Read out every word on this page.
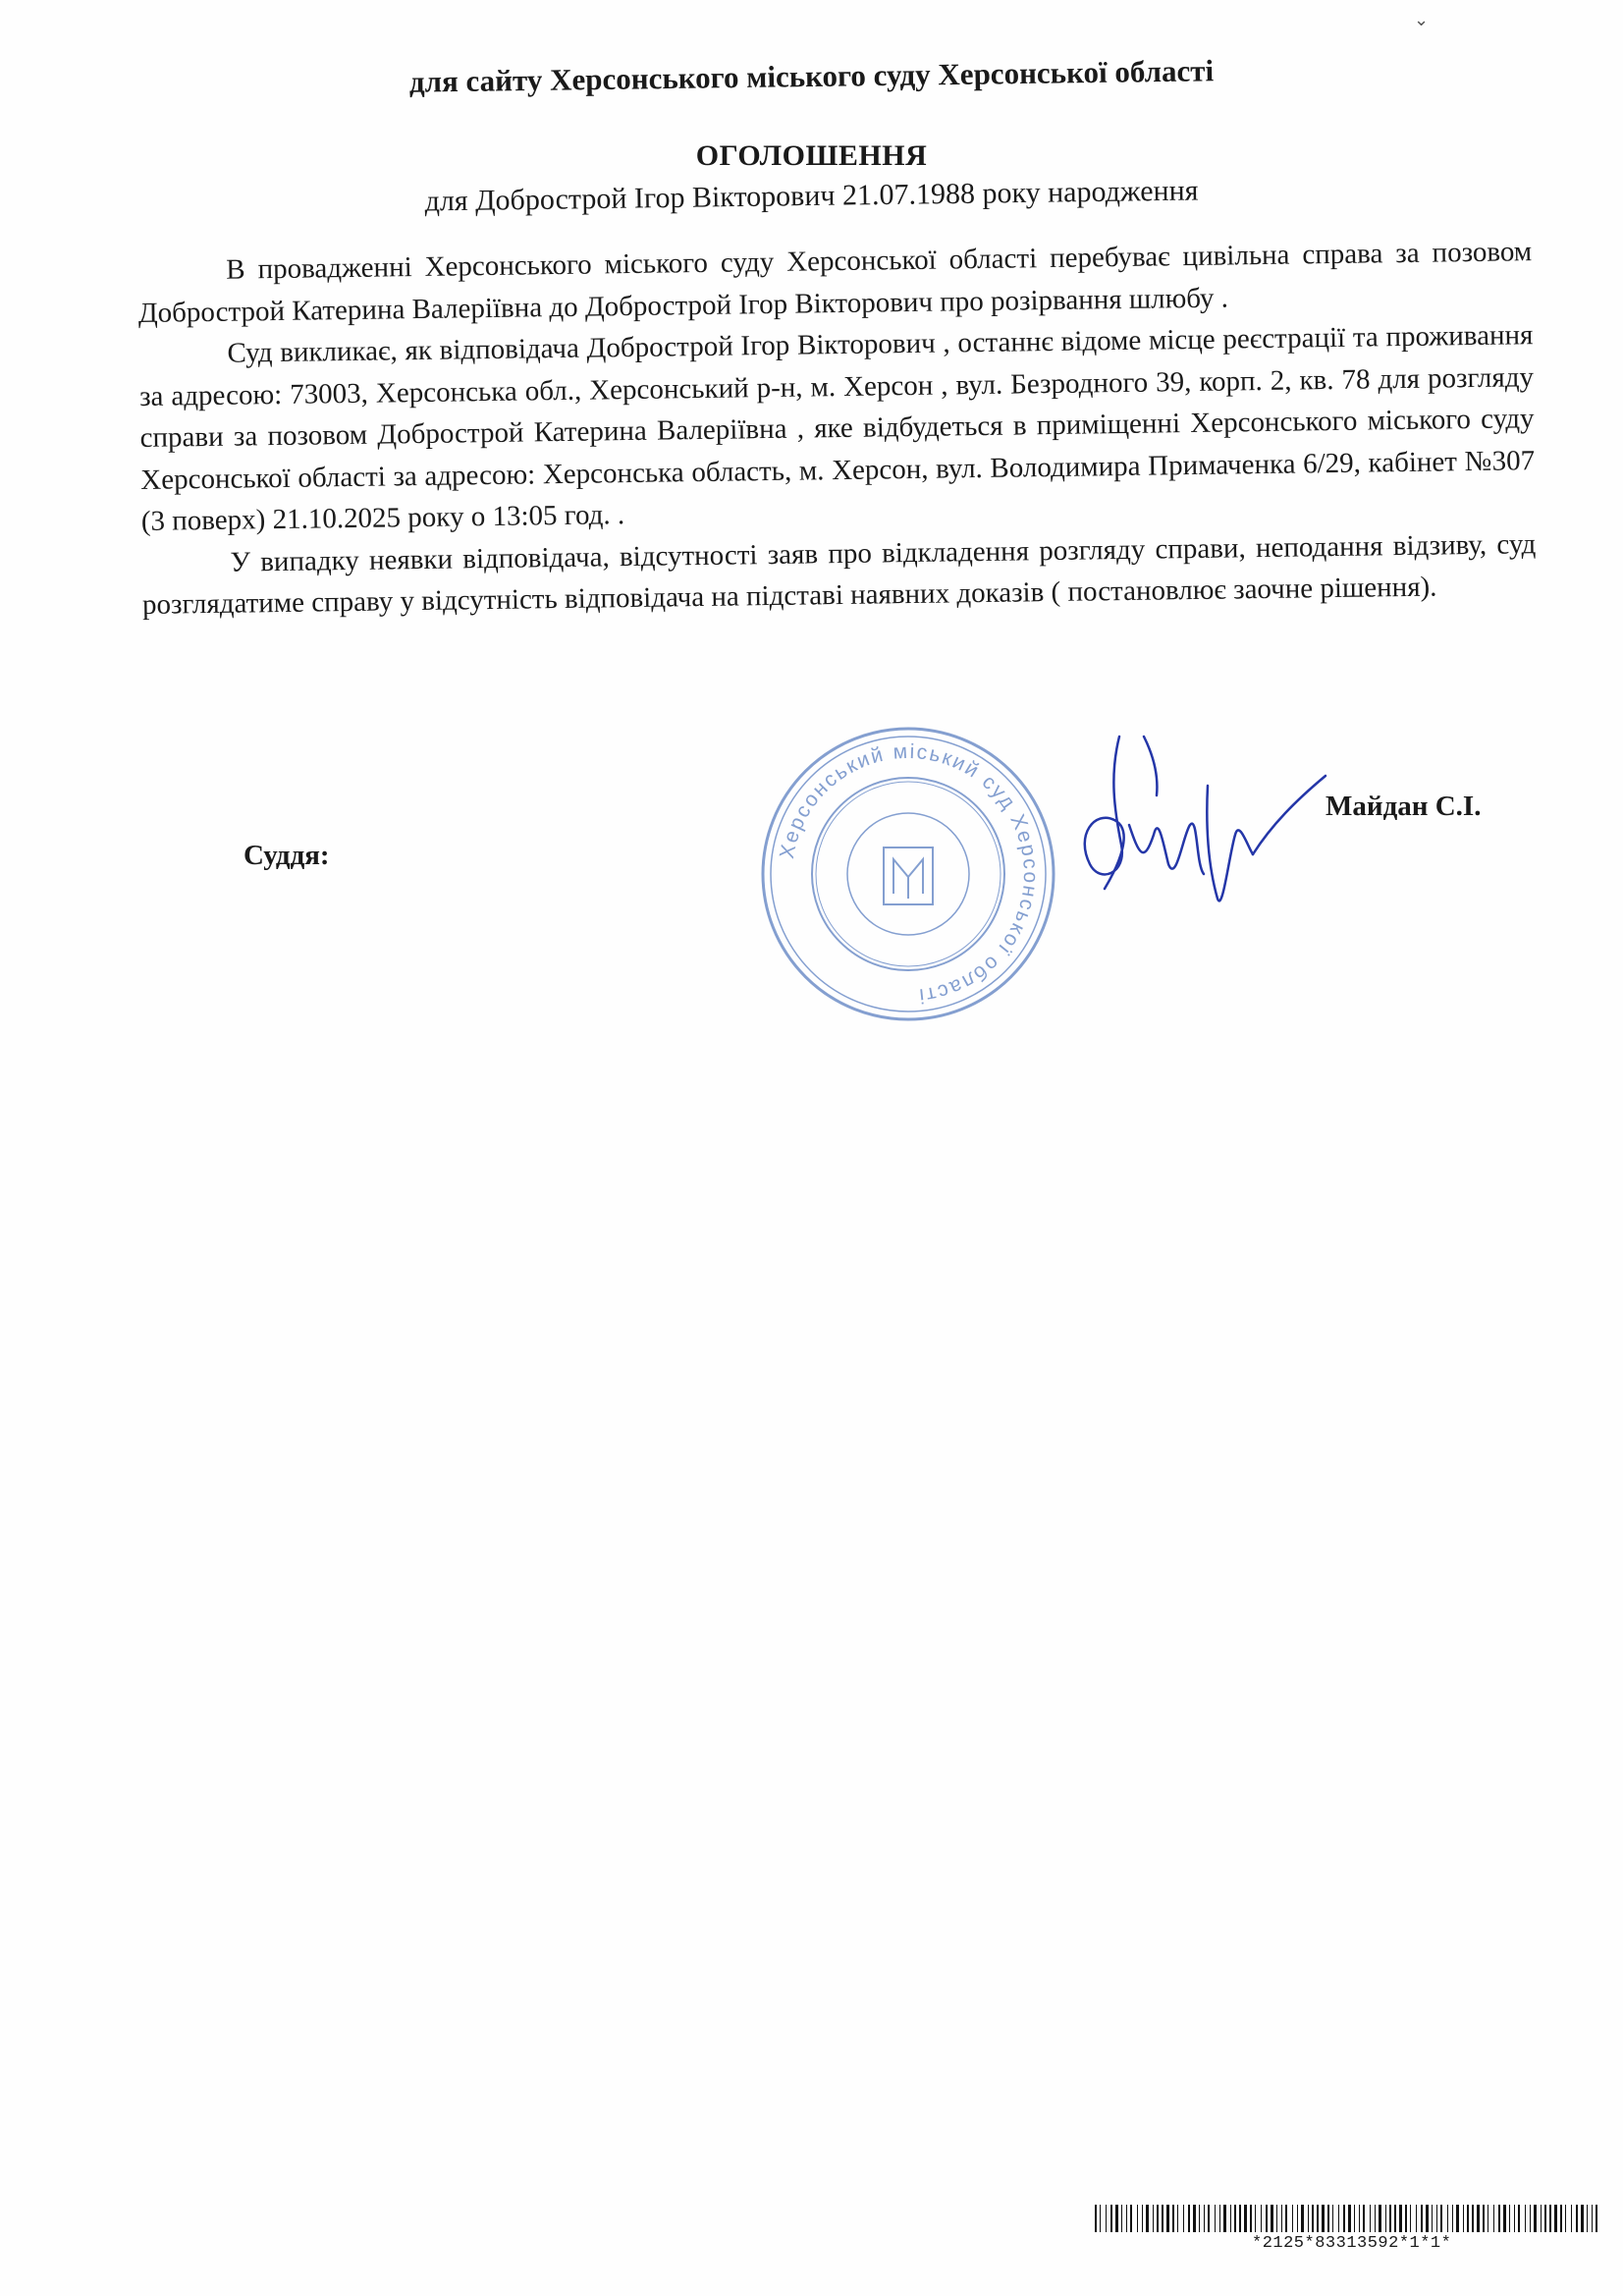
⌄
для сайту Херсонського міського суду Херсонської області
ОГОЛОШЕННЯ
для Добрострой Ігор Вікторович 21.07.1988 року народження

В провадженні Херсонського міського суду Херсонської області перебуває цивільна справа за позовом Добрострой Катерина Валеріївна до Добрострой Ігор Вікторович про розірвання шлюбу .

Суд викликає, як відповідача Добрострой Ігор Вікторович , останнє відоме місце реєстрації та проживання за адресою: 73003, Херсонська обл., Херсонський р-н, м. Херсон , вул. Безродного 39, корп. 2, кв. 78 для розгляду справи за позовом Добрострой Катерина Валеріївна , яке відбудеться в приміщенні Херсонського міського суду Херсонської області за адресою: Херсонська область, м. Херсон, вул. Володимира Примаченка 6/29, кабінет №307 (3 поверх) 21.10.2025 року о 13:05 год. .

У випадку неявки відповідача, відсутності заяв про відкладення розгляду справи, неподання відзиву, суд розглядатиме справу у відсутність відповідача на підставі наявних доказів ( постановлює заочне рішення).

Херсонський міський суд Херсонської області
Майдан С.І.
Суддя:
*2125*83313592*1*1*
